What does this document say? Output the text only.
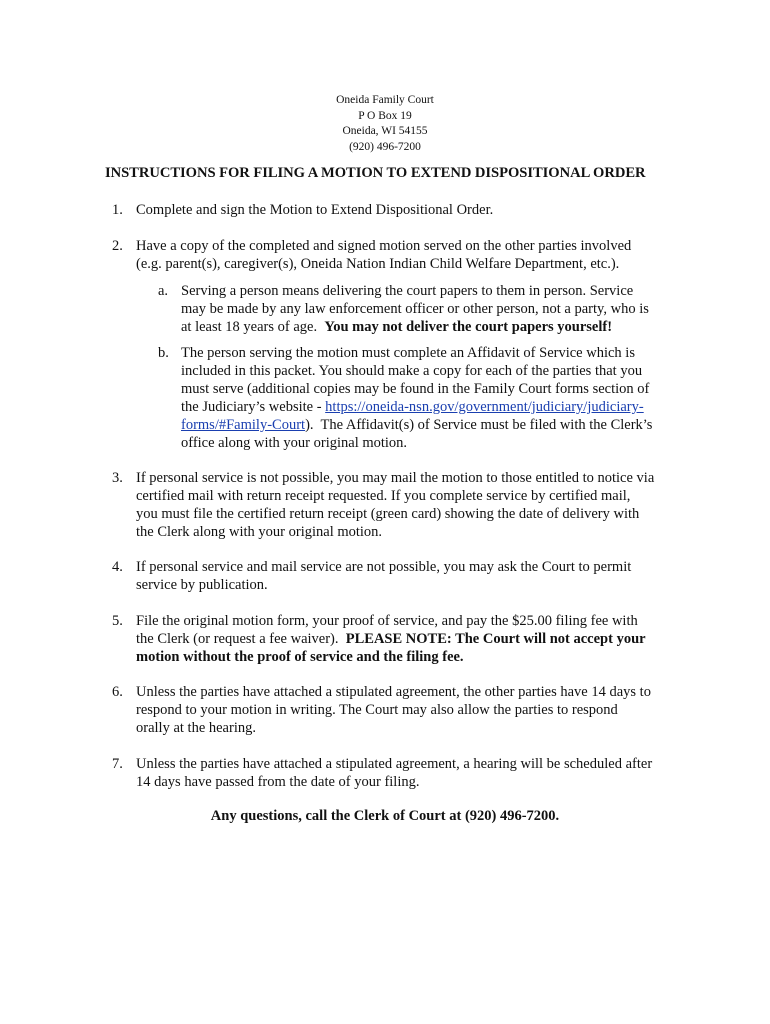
Oneida Family Court
P O Box 19
Oneida, WI 54155
(920) 496-7200
INSTRUCTIONS FOR FILING A MOTION TO EXTEND DISPOSITIONAL ORDER
1. Complete and sign the Motion to Extend Dispositional Order.
2. Have a copy of the completed and signed motion served on the other parties involved
(e.g. parent(s), caregiver(s), Oneida Nation Indian Child Welfare Department, etc.).
a. Serving a person means delivering the court papers to them in person. Service
may be made by any law enforcement officer or other person, not a party, who is
at least 18 years of age.  You may not deliver the court papers yourself!
b. The person serving the motion must complete an Affidavit of Service which is
included in this packet. You should make a copy for each of the parties that you
must serve (additional copies may be found in the Family Court forms section of
the Judiciary’s website - https://oneida-nsn.gov/government/judiciary/judiciary-
forms/#Family-Court).  The Affidavit(s) of Service must be filed with the Clerk’s
office along with your original motion.
3. If personal service is not possible, you may mail the motion to those entitled to notice via
certified mail with return receipt requested. If you complete service by certified mail,
you must file the certified return receipt (green card) showing the date of delivery with
the Clerk along with your original motion.
4. If personal service and mail service are not possible, you may ask the Court to permit
service by publication.
5. File the original motion form, your proof of service, and pay the $25.00 filing fee with
the Clerk (or request a fee waiver).  PLEASE NOTE: The Court will not accept your
motion without the proof of service and the filing fee.
6. Unless the parties have attached a stipulated agreement, the other parties have 14 days to
respond to your motion in writing. The Court may also allow the parties to respond
orally at the hearing.
7. Unless the parties have attached a stipulated agreement, a hearing will be scheduled after
14 days have passed from the date of your filing.
Any questions, call the Clerk of Court at (920) 496-7200.
